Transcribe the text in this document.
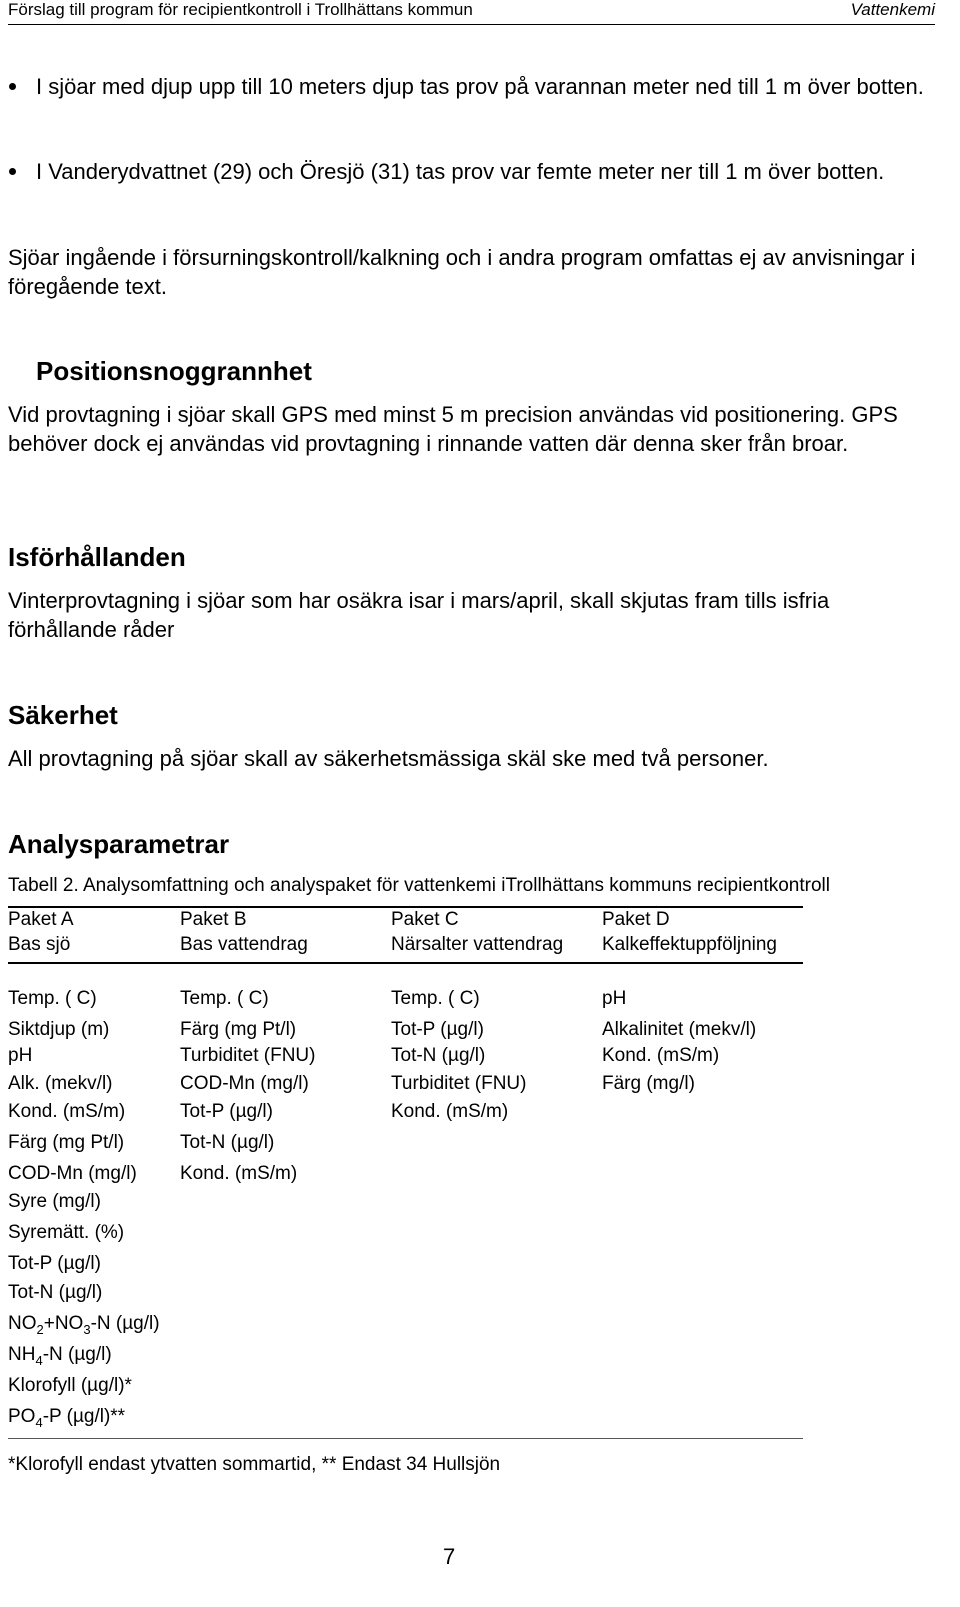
Förslag till program för recipientkontroll i Trollhättans kommun	Vattenkemi
I sjöar med djup upp till 10 meters djup tas prov på varannan meter ned till 1 m över botten.
I Vanderydvattnet (29) och Öresjö (31) tas prov var femte meter ner till 1 m över botten.
Sjöar ingående i försurningskontroll/kalkning och i andra program omfattas ej av anvisningar i föregående text.
Positionsnoggrannhet
Vid provtagning i sjöar skall GPS med minst 5 m precision användas vid positionering. GPS behöver dock ej användas vid provtagning i rinnande vatten där denna sker från broar.
Isförhållanden
Vinterprovtagning i sjöar som har osäkra isar i mars/april, skall skjutas fram tills isfria förhållande råder
Säkerhet
All provtagning på sjöar skall av säkerhetsmässiga skäl ske med två personer.
Analysparametrar
Tabell 2. Analysomfattning och analyspaket för vattenkemi iTrollhättans kommuns recipientkontroll
Paket A
Bas sjö
Paket B
Bas vattendrag
Paket C
Närsalter vattendrag
Paket D
Kalkeffektuppföljning
Temp. ( C)
Siktdjup (m)
pH
Alk. (mekv/l)
Kond. (mS/m)
Färg (mg Pt/l)
COD-Mn (mg/l)
Syre (mg/l)
Syremätt. (%)
Tot-P (µg/l)
Tot-N (µg/l)
$NO_2+NO_3-N$ (µg/l)
$NH_4-N$ (µg/l)
Klorofyll (µg/l)*
$PO_4-P$ (µg/l)**
Temp. ( C)
Färg (mg Pt/l)
Turbiditet (FNU)
COD-Mn (mg/l)
Tot-P (µg/l)
Tot-N (µg/l)
Kond. (mS/m)
Temp. ( C)
Tot-P (µg/l)
Tot-N (µg/l)
Turbiditet (FNU)
Kond. (mS/m)
pH
Alkalinitet (mekv/l)
Kond. (mS/m)
Färg (mg/l)
*Klorofyll endast ytvatten sommartid, ** Endast 34 Hullsjön
7
